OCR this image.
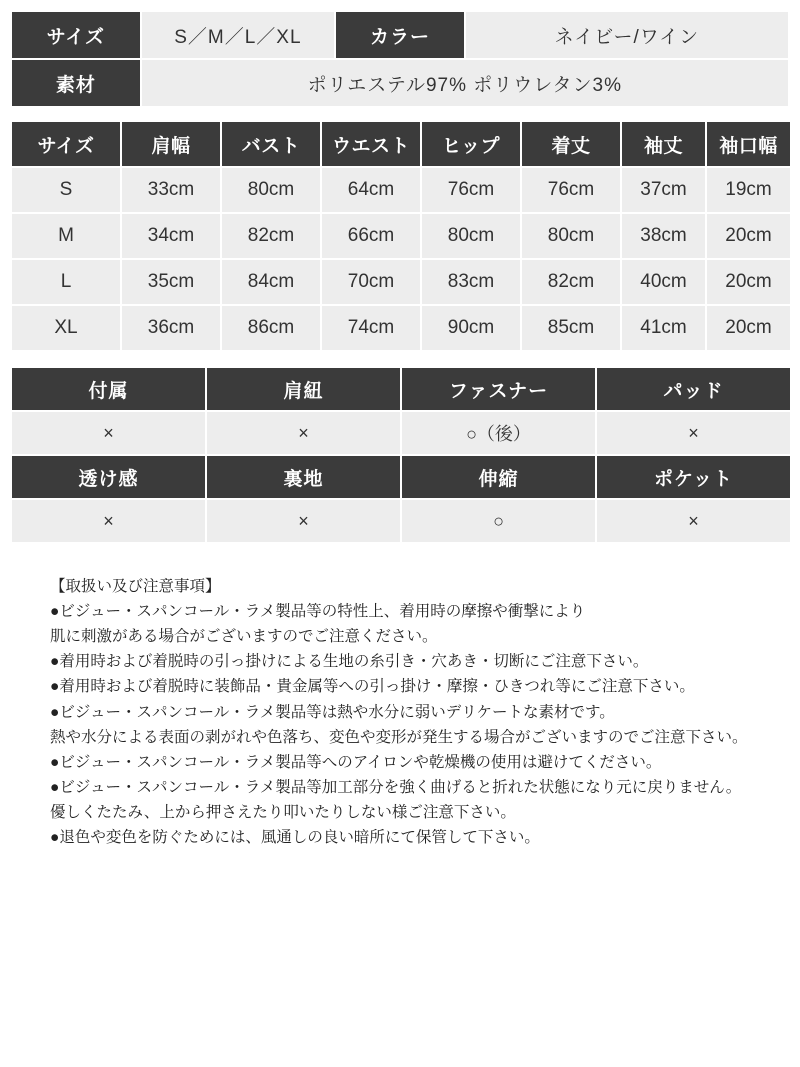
サイズ	S／M／L／XL	カラー	ネイビー/ワイン
素材	ポリエステル97% ポリウレタン3%		
サイズ	肩幅	バスト	ウエスト	ヒップ	着丈	袖丈	袖口幅
S	33cm	80cm	64cm	76cm	76cm	37cm	19cm
M	34cm	82cm	66cm	80cm	80cm	38cm	20cm
L	35cm	84cm	70cm	83cm	82cm	40cm	20cm
XL	36cm	86cm	74cm	90cm	85cm	41cm	20cm
付属	肩紐	ファスナー	パッド
×	×	○（後）	×
透け感	裏地	伸縮	ポケット
×	×	○	×

【取扱い及び注意事項】

●ビジュー・スパンコール・ラメ製品等の特性上、着用時の摩擦や衝撃により

肌に刺激がある場合がございますのでご注意ください。

●着用時および着脱時の引っ掛けによる生地の糸引き・穴あき・切断にご注意下さい。

●着用時および着脱時に装飾品・貴金属等への引っ掛け・摩擦・ひきつれ等にご注意下さい。

●ビジュー・スパンコール・ラメ製品等は熱や水分に弱いデリケートな素材です。

熱や水分による表面の剥がれや色落ち、変色や変形が発生する場合がございますのでご注意下さい。

●ビジュー・スパンコール・ラメ製品等へのアイロンや乾燥機の使用は避けてください。

●ビジュー・スパンコール・ラメ製品等加工部分を強く曲げると折れた状態になり元に戻りません。

優しくたたみ、上から押さえたり叩いたりしない様ご注意下さい。

●退色や変色を防ぐためには、風通しの良い暗所にて保管して下さい。
